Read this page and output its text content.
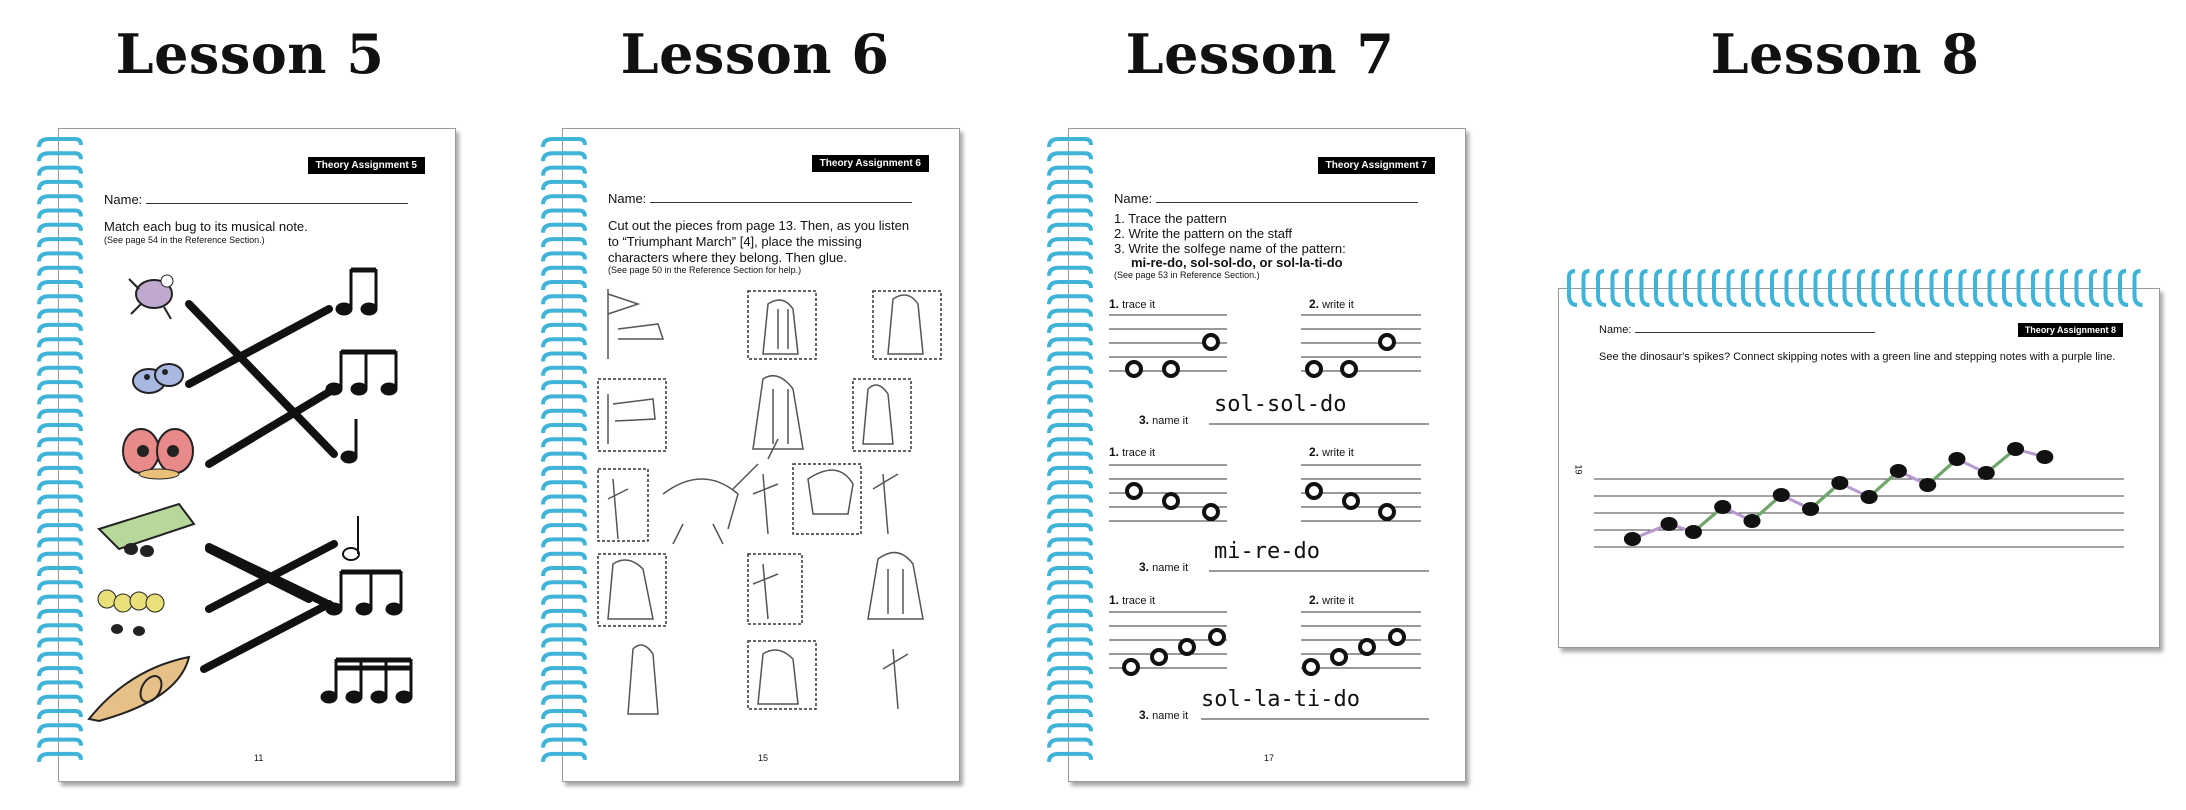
Lesson 5	Lesson 6	Lesson 7	Lesson 8
Theory Assignment 5
Name:
Match each bug to its musical note.
(See page 54 in the Reference Section.)
11
Theory Assignment 6
Name:
Cut out the pieces from page 13. Then, as you listen
to “Triumphant March” [4], place the missing
characters where they belong. Then glue.
(See page 50 in the Reference Section for help.)
15
Theory Assignment 7
Name:
1. Trace the pattern
2. Write the pattern on the staff
3. Write the solfege name of the pattern:
mi-re-do, sol-sol-do, or sol-la-ti-do
(See page 53 in Reference Section.)
1. trace it	2. write it
3. name it
sol-sol-do
1. trace it	2. write it
3. name it
mi-re-do
1. trace it	2. write it
3. name it
sol-la-ti-do
17
Name:	Theory Assignment 8
See the dinosaur's spikes? Connect skipping notes with a green line and stepping notes with a purple line.
19
